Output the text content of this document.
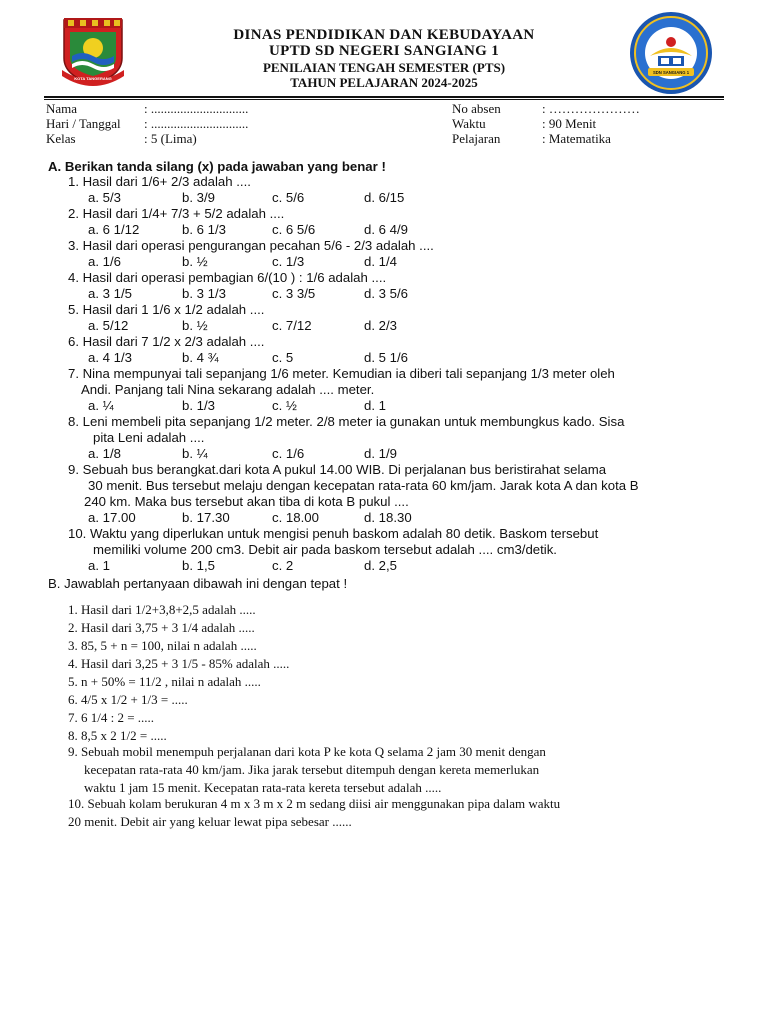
KOTA TANGERANG
DINAS PENDIDIKAN DAN KEBUDAYAAN
UPTD SD NEGERI SANGIANG 1
PENILAIAN TENGAH SEMESTER (PTS)
TAHUN PELAJARAN 2024-2025
SDN SANGIANG 1
Nama	: ..............................
Hari / Tanggal : ..............................
Kelas	: 5 (Lima)
No absen	: …………………
Waktu	: 90 Menit
Pelajaran	: Matematika
A. Berikan tanda silang (x) pada jawaban yang benar !
1. Hasil dari 1/6+ 2/3 adalah ....
a. 5/3	b. 3/9	c. 5/6	d. 6/15
2. Hasil dari 1/4+ 7/3 + 5/2 adalah ....
a. 6 1/12	b. 6 1/3	c. 6 5/6	d. 6 4/9
3. Hasil dari operasi pengurangan pecahan 5/6 - 2/3 adalah ....
a. 1/6	b. ½	c. 1/3	d. 1/4
4. Hasil dari operasi pembagian 6/(10 ) : 1/6 adalah ....
a. 3 1/5	b. 3 1/3	c. 3 3/5	d. 3 5/6
5. Hasil dari 1 1/6 x 1/2 adalah ....
a. 5/12	b. ½	c. 7/12	d. 2/3
6. Hasil dari 7 1/2 x 2/3 adalah ....
a. 4 1/3	b. 4 ¾	c. 5	d. 5 1/6
7. Nina mempunyai tali sepanjang 1/6 meter. Kemudian ia diberi tali sepanjang 1/3 meter oleh
Andi. Panjang tali Nina sekarang adalah .... meter.
a. ¼	b. 1/3	c. ½	d. 1
8. Leni membeli pita sepanjang 1/2 meter. 2/8 meter ia gunakan untuk membungkus kado. Sisa
pita Leni adalah ....
a. 1/8	b. ¼	c. 1/6	d. 1/9
9. Sebuah bus berangkat.dari kota A pukul 14.00 WIB. Di perjalanan bus beristirahat selama
30 menit. Bus tersebut melaju dengan kecepatan rata-rata 60 km/jam. Jarak kota A dan kota B
240 km. Maka bus tersebut akan tiba di kota B pukul ....
a. 17.00	b. 17.30	c. 18.00	d. 18.30
10. Waktu yang diperlukan untuk mengisi penuh baskom adalah 80 detik. Baskom tersebut
memiliki volume 200 cm3. Debit air pada baskom tersebut adalah .... cm3/detik.
a. 1	b. 1,5	c. 2	d. 2,5
B. Jawablah pertanyaan dibawah ini dengan tepat !
1. Hasil dari 1/2+3,8+2,5 adalah .....
2. Hasil dari 3,75 + 3 1/4 adalah .....
3. 85, 5 + n = 100, nilai n adalah .....
4. Hasil dari 3,25 + 3 1/5 - 85% adalah .....
5. n + 50% = 11/2 , nilai n adalah .....
6. 4/5 x 1/2 + 1/3 = .....
7. 6 1/4 : 2 = .....
8. 8,5 x 2 1/2 = .....
9. Sebuah mobil menempuh perjalanan dari kota P ke kota Q selama 2 jam 30 menit dengan
kecepatan rata-rata 40 km/jam. Jika jarak tersebut ditempuh dengan kereta memerlukan
waktu 1 jam 15 menit. Kecepatan rata-rata kereta tersebut adalah .....
10. Sebuah kolam berukuran 4 m x 3 m x 2 m sedang diisi air menggunakan pipa dalam waktu
20 menit. Debit air yang keluar lewat pipa sebesar ......
